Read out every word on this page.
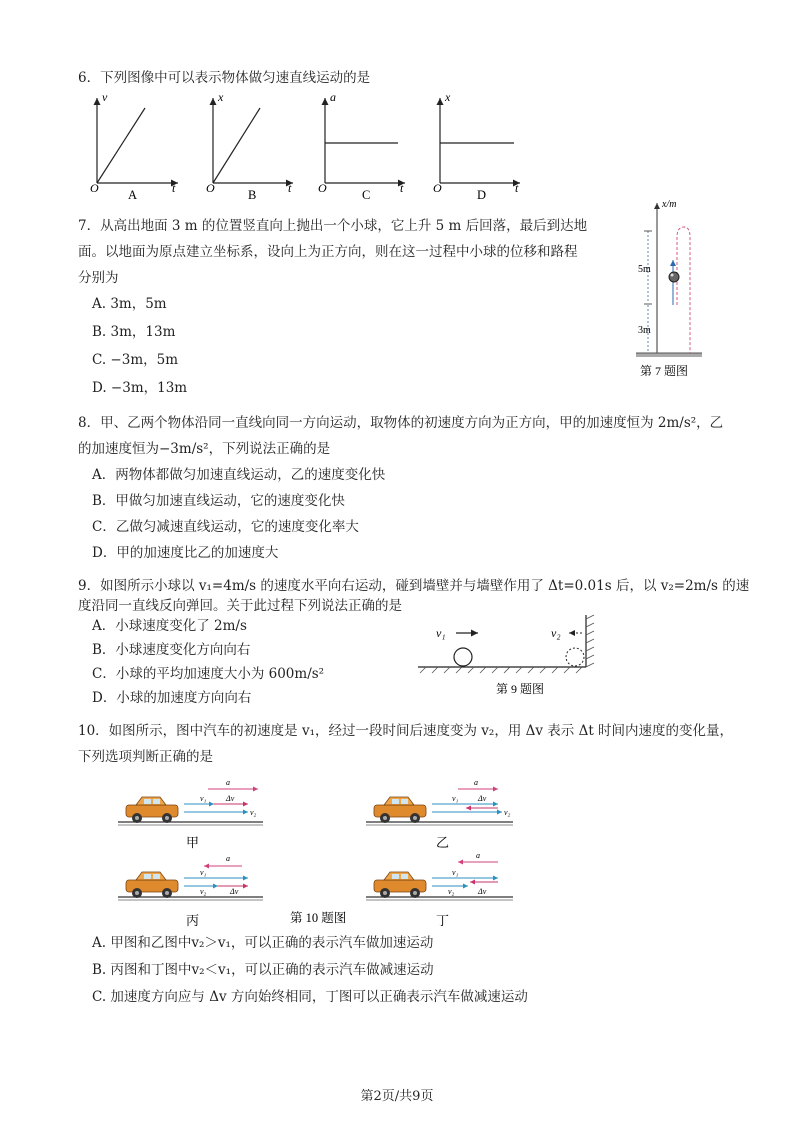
6．下列图像中可以表示物体做匀速直线运动的是
v
O	t
A
x
O	t
B
a
O	t
C
x
O	t
D
7．从高出地面 3 m 的位置竖直向上抛出一个小球，它上升 5 m 后回落，最后到达地
面。以地面为原点建立坐标系，设向上为正方向，则在这一过程中小球的位移和路程
分别为
A. 3m，5m
B. 3m，13m
C. −3m，5m
D. −3m，13m
x/m
5m
3m
第 7 题图
8．甲、乙两个物体沿同一直线向同一方向运动，取物体的初速度方向为正方向，甲的加速度恒为 2m/s²，乙
的加速度恒为−3m/s²，下列说法正确的是
A．两物体都做匀加速直线运动，乙的速度变化快
B．甲做匀加速直线运动，它的速度变化快
C．乙做匀减速直线运动，它的速度变化率大
D．甲的加速度比乙的加速度大
9．如图所示小球以 v₁=4m/s 的速度水平向右运动，碰到墙壁并与墙壁作用了 Δt=0.01s 后，以 v₂=2m/s 的速
度沿同一直线反向弹回。关于此过程下列说法正确的是
A．小球速度变化了 2m/s
B．小球速度变化方向向右
C．小球的平均加速度大小为 600m/s²
D．小球的加速度方向向右
v₁	v₂
第 9 题图
10．如图所示，图中汽车的初速度是 v₁，经过一段时间后速度变为 v₂，用 Δv 表示 Δt 时间内速度的变化量，
下列选项判断正确的是
a
v₁ Δv
v₂
甲
a
v₁ Δv
v₂
乙
a
v₁
v₂	Δv
丙
a
v₁
v₂	Δv
丁
第 10 题图
A. 甲图和乙图中v₂＞v₁，可以正确的表示汽车做加速运动
B. 丙图和丁图中v₂＜v₁，可以正确的表示汽车做减速运动
C. 加速度方向应与 Δv 方向始终相同，丁图可以正确表示汽车做减速运动
第2页/共9页
